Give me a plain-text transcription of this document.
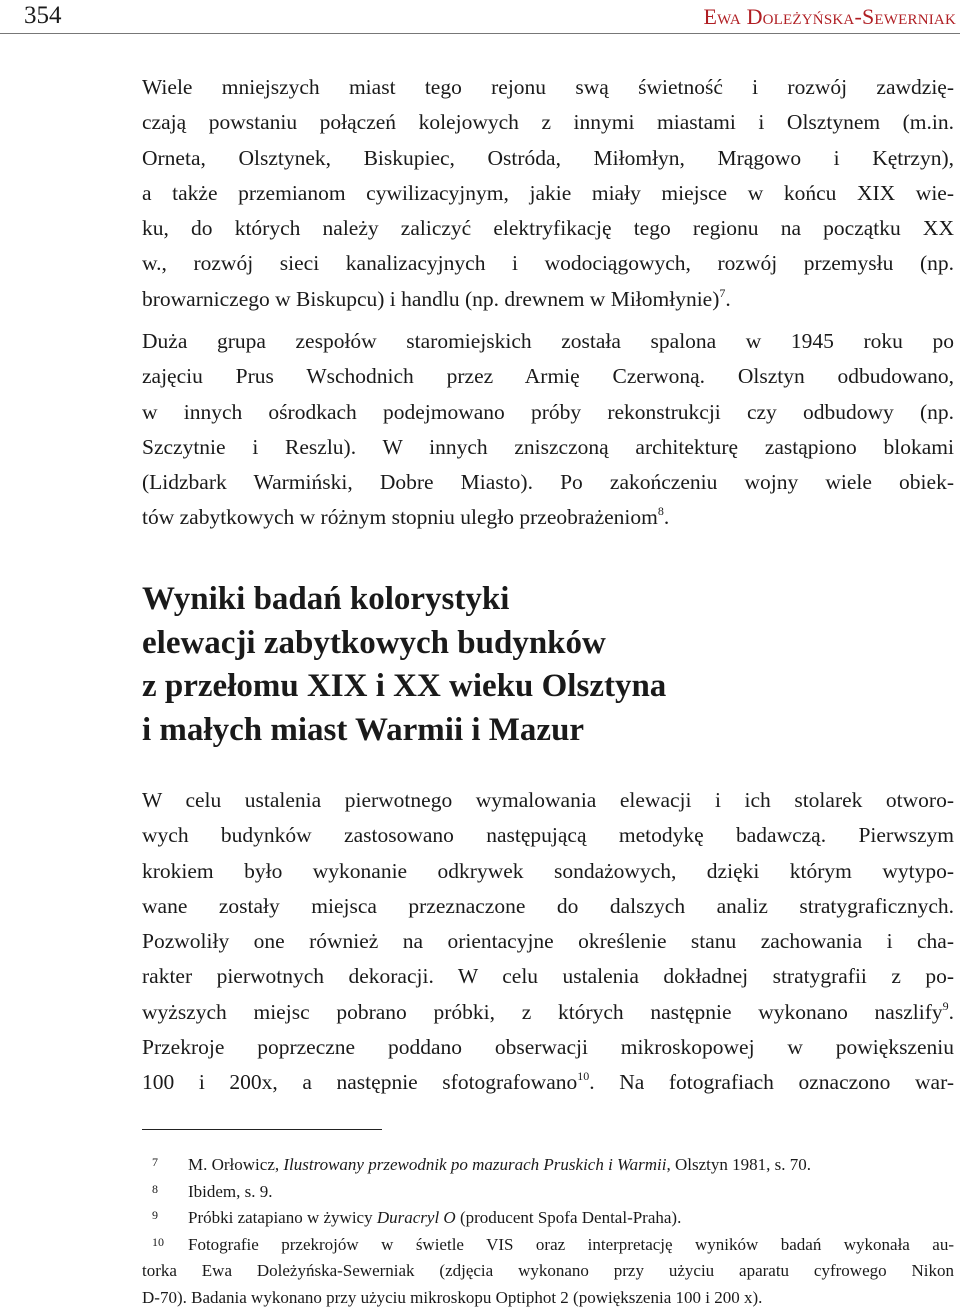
354	Ewa Doleżyńska-Sewerniak

Wiele mniejszych miast tego rejonu swą świetność i rozwój zawdzię-
czają powstaniu połączeń kolejowych z innymi miastami i Olsztynem (m.in.
Orneta, Olsztynek, Biskupiec, Ostróda, Miłomłyn, Mrągowo i Kętrzyn),
a także przemianom cywilizacyjnym, jakie miały miejsce w końcu XIX wie-
ku, do których należy zaliczyć elektryfikację tego regionu na początku XX
w., rozwój sieci kanalizacyjnych i wodociągowych, rozwój przemysłu (np.
browarniczego w Biskupcu) i handlu (np. drewnem w Miłomłynie)$^7$.

Duża grupa zespołów staromiejskich została spalona w 1945 roku po
zajęciu Prus Wschodnich przez Armię Czerwoną. Olsztyn odbudowano,
w innych ośrodkach podejmowano próby rekonstrukcji czy odbudowy (np.
Szczytnie i Reszlu). W innych zniszczoną architekturę zastąpiono blokami
(Lidzbark Warmiński, Dobre Miasto). Po zakończeniu wojny wiele obiek-
tów zabytkowych w różnym stopniu uległo przeobrażeniom$^8$.

Wyniki badań kolorystyki
elewacji zabytkowych budynków
z przełomu XIX i XX wieku Olsztyna
i małych miast Warmii i Mazur

W celu ustalenia pierwotnego wymalowania elewacji i ich stolarek otworo-
wych budynków zastosowano następującą metodykę badawczą. Pierwszym
krokiem było wykonanie odkrywek sondażowych, dzięki którym wytypo-
wane zostały miejsca przeznaczone do dalszych analiz stratygraficznych.
Pozwoliły one również na orientacyjne określenie stanu zachowania i cha-
rakter pierwotnych dekoracji. W celu ustalenia dokładnej stratygrafii z po-
wyższych miejsc pobrano próbki, z których następnie wykonano naszlify$^9$.
Przekroje poprzeczne poddano obserwacji mikroskopowej w powiększeniu
100 i 200x, a następnie sfotografowano$^{10}$. Na fotografiach oznaczono war-

7	M. Orłowicz, Ilustrowany przewodnik po mazurach Pruskich i Warmii, Olsztyn 1981, s. 70.
8	Ibidem, s. 9.
9	Próbki zatapiano w żywicy Duracryl O (producent Spofa Dental-Praha).
10 Fotografie przekrojów w świetle VIS oraz interpretację wyników badań wykonała au-
torka Ewa Doleżyńska-Sewerniak (zdjęcia wykonano przy użyciu aparatu cyfrowego Nikon
D-70). Badania wykonano przy użyciu mikroskopu Optiphot 2 (powiększenia 100 i 200 x).
